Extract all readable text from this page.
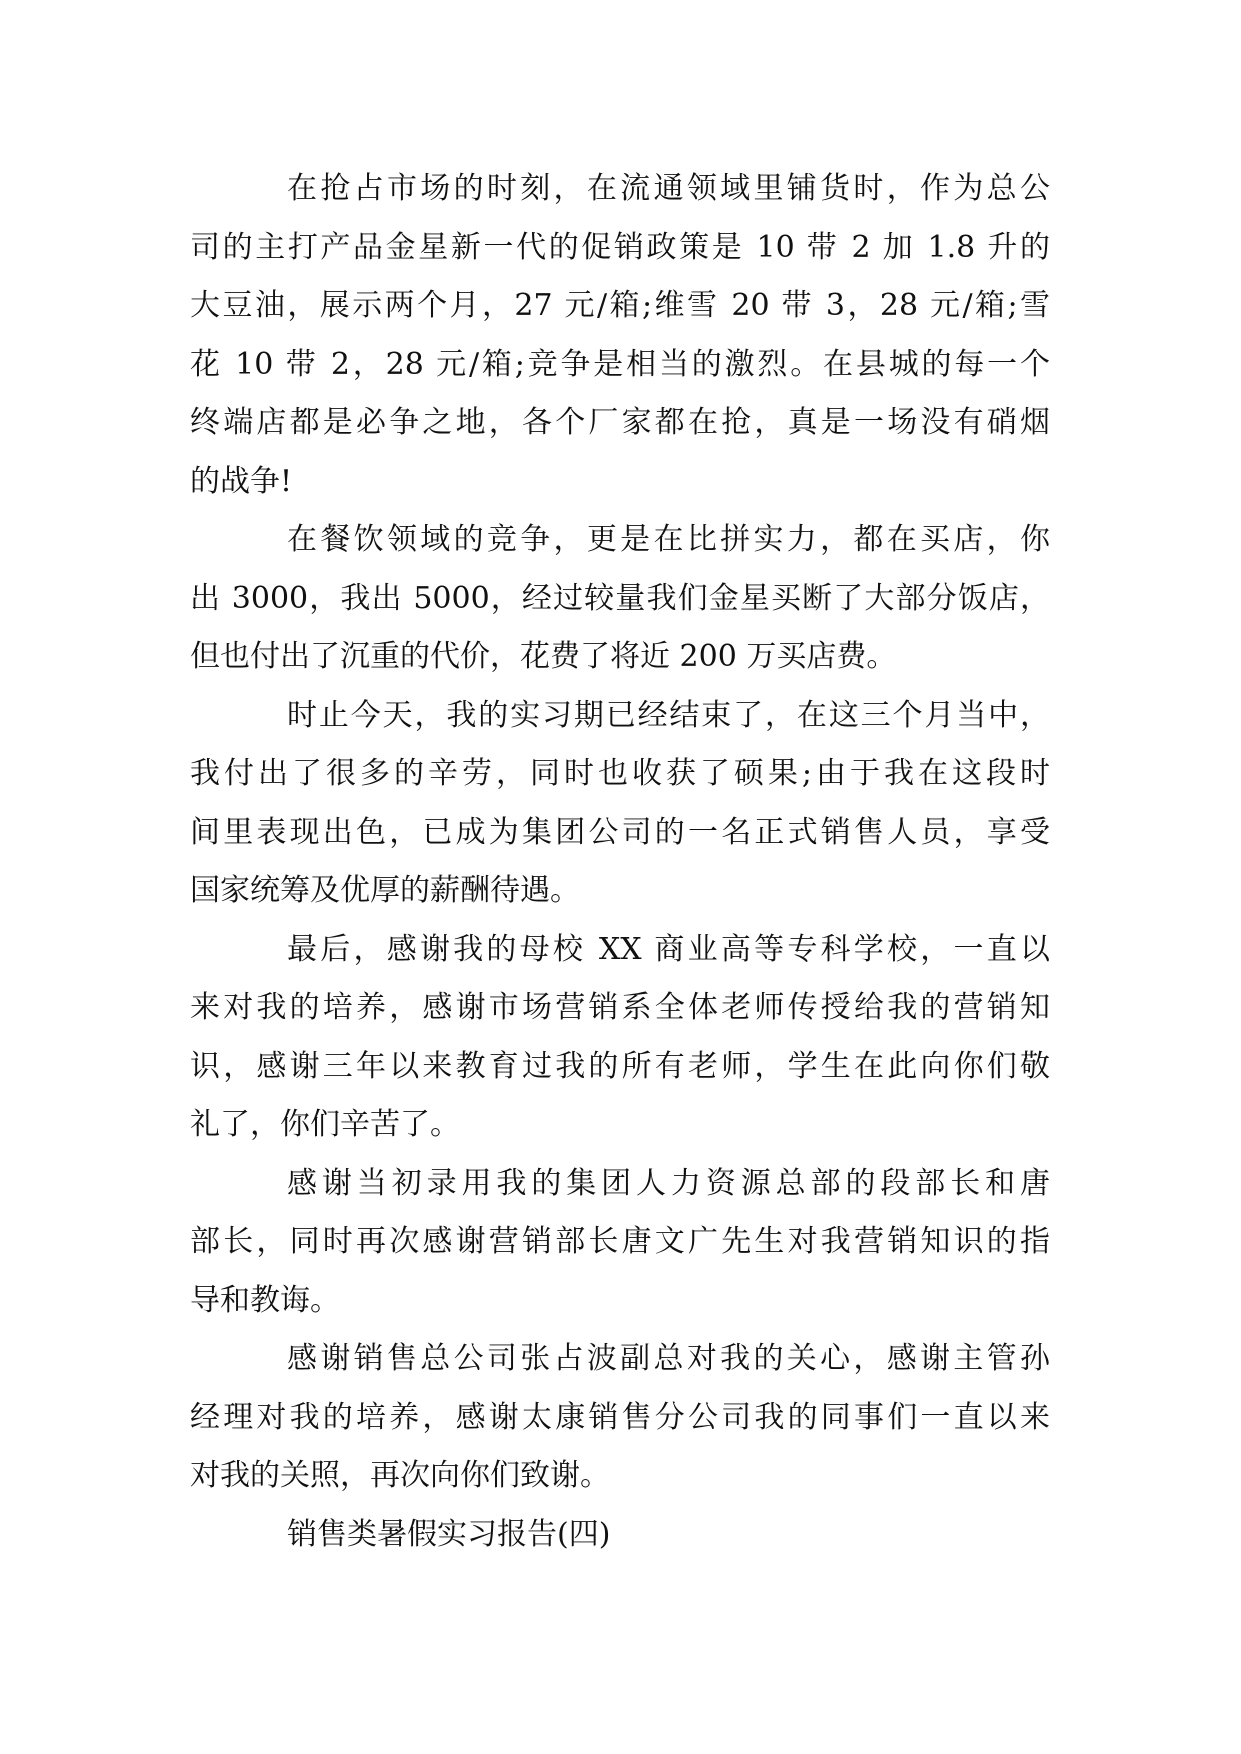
在抢占市场的时刻，在流通领域里铺货时，作为总公
司的主打产品金星新一代的促销政策是 10 带 2 加 1.8 升的
大豆油，展示两个月，27 元/箱;维雪 20 带 3，28 元/箱;雪
花 10 带 2，28 元/箱;竞争是相当的激烈。在县城的每一个
终端店都是必争之地，各个厂家都在抢，真是一场没有硝烟
的战争!
在餐饮领域的竞争，更是在比拼实力，都在买店，你
出 3000，我出 5000，经过较量我们金星买断了大部分饭店，
但也付出了沉重的代价，花费了将近 200 万买店费。
时止今天，我的实习期已经结束了，在这三个月当中，
我付出了很多的辛劳，同时也收获了硕果;由于我在这段时
间里表现出色，已成为集团公司的一名正式销售人员，享受
国家统筹及优厚的薪酬待遇。
最后，感谢我的母校 XX 商业高等专科学校，一直以
来对我的培养，感谢市场营销系全体老师传授给我的营销知
识，感谢三年以来教育过我的所有老师，学生在此向你们敬
礼了，你们辛苦了。
感谢当初录用我的集团人力资源总部的段部长和唐
部长，同时再次感谢营销部长唐文广先生对我营销知识的指
导和教诲。
感谢销售总公司张占波副总对我的关心，感谢主管孙
经理对我的培养，感谢太康销售分公司我的同事们一直以来
对我的关照，再次向你们致谢。
销售类暑假实习报告(四)
